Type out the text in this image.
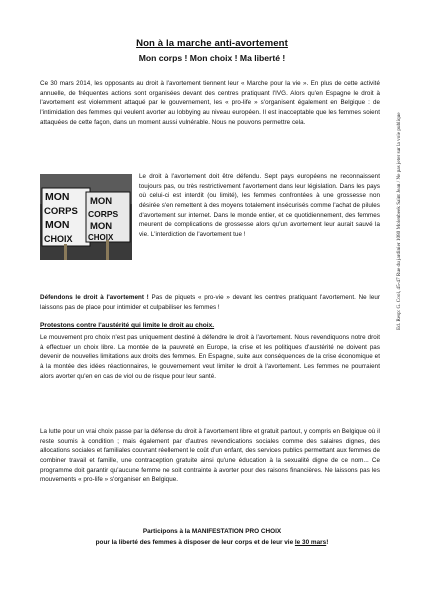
Non à la marche anti-avortement
Mon corps ! Mon choix ! Ma liberté !

Ce 30 mars 2014, les opposants au droit à l'avortement tiennent leur « Marche pour la vie ». En plus de cette activité annuelle, de fréquentes actions sont organisées devant des centres pratiquant l'IVG. Alors qu'en Espagne le droit à l'avortement est violemment attaqué par le gouvernement, les « pro-life » s'organisent également en Belgique : de l'intimidation des femmes qui veulent avorter au lobbying au niveau européen. Il est inacceptable que les femmes soient attaquées de cette façon, dans un moment aussi vulnérable. Nous ne pouvons permettre cela.

MON
CORPS
MON
CHOIX
MON
CORPS
MON
CHOIX

Le droit à l'avortement doit être défendu. Sept pays européens ne reconnaissent toujours pas, ou très restrictivement l'avortement dans leur législation. Dans les pays où celui-ci est interdit (ou limité), les femmes confrontées à une grossesse non désirée s'en remettent à des moyens totalement insécurisés comme l'achat de pilules d'avortement sur internet. Dans le monde entier, et ce quotidiennement, des femmes meurent de complications de grossesse alors qu'un avortement leur aurait sauvé la vie. L'interdiction de l'avortement tue !

Défendons le droit à l'avortement ! Pas de piquets « pro-vie » devant les centres pratiquant l'avortement. Ne leur laissons pas de place pour intimider et culpabiliser les femmes !

Protestons contre l'austérité qui limite le droit au choix.

Le mouvement pro choix n'est pas uniquement destiné à défendre le droit à l'avortement. Nous revendiquons notre droit à effectuer un choix libre. La montée de la pauvreté en Europe, la crise et les politiques d'austérité ne doivent pas devenir de nouvelles limitations aux droits des femmes. En Espagne, suite aux conséquences de la crise économique et à la montée des idées réactionnaires, le gouvernement veut limiter le droit à l'avortement. Les femmes ne pourraient alors avorter qu'en en cas de viol ou de risque pour leur santé.

La lutte pour un vrai choix passe par la défense du droit à l'avortement libre et gratuit partout, y compris en Belgique où il reste soumis à condition ; mais également par d'autres revendications sociales comme des salaires dignes, des allocations sociales et familiales couvrant réellement le coût d'un enfant, des services publics permettant aux femmes de combiner travail et famille, une contraception gratuite ainsi qu'une éducation à la sexualité digne de ce nom... Ce programme doit garantir qu'aucune femme ne soit contrainte à avorter pour des raisons financières. Ne laissons pas les mouvements « pro-life » s'organiser en Belgique.

Participons à la MANIFESTATION PRO CHOIX
pour la liberté des femmes à disposer de leur corps et de leur vie le 30 mars!
Ed. Resp: G. Cool, 45-47 Rue du jardinier 1080 Molenbeek Saint Jean / Ne pas jeter sur la voie publique
